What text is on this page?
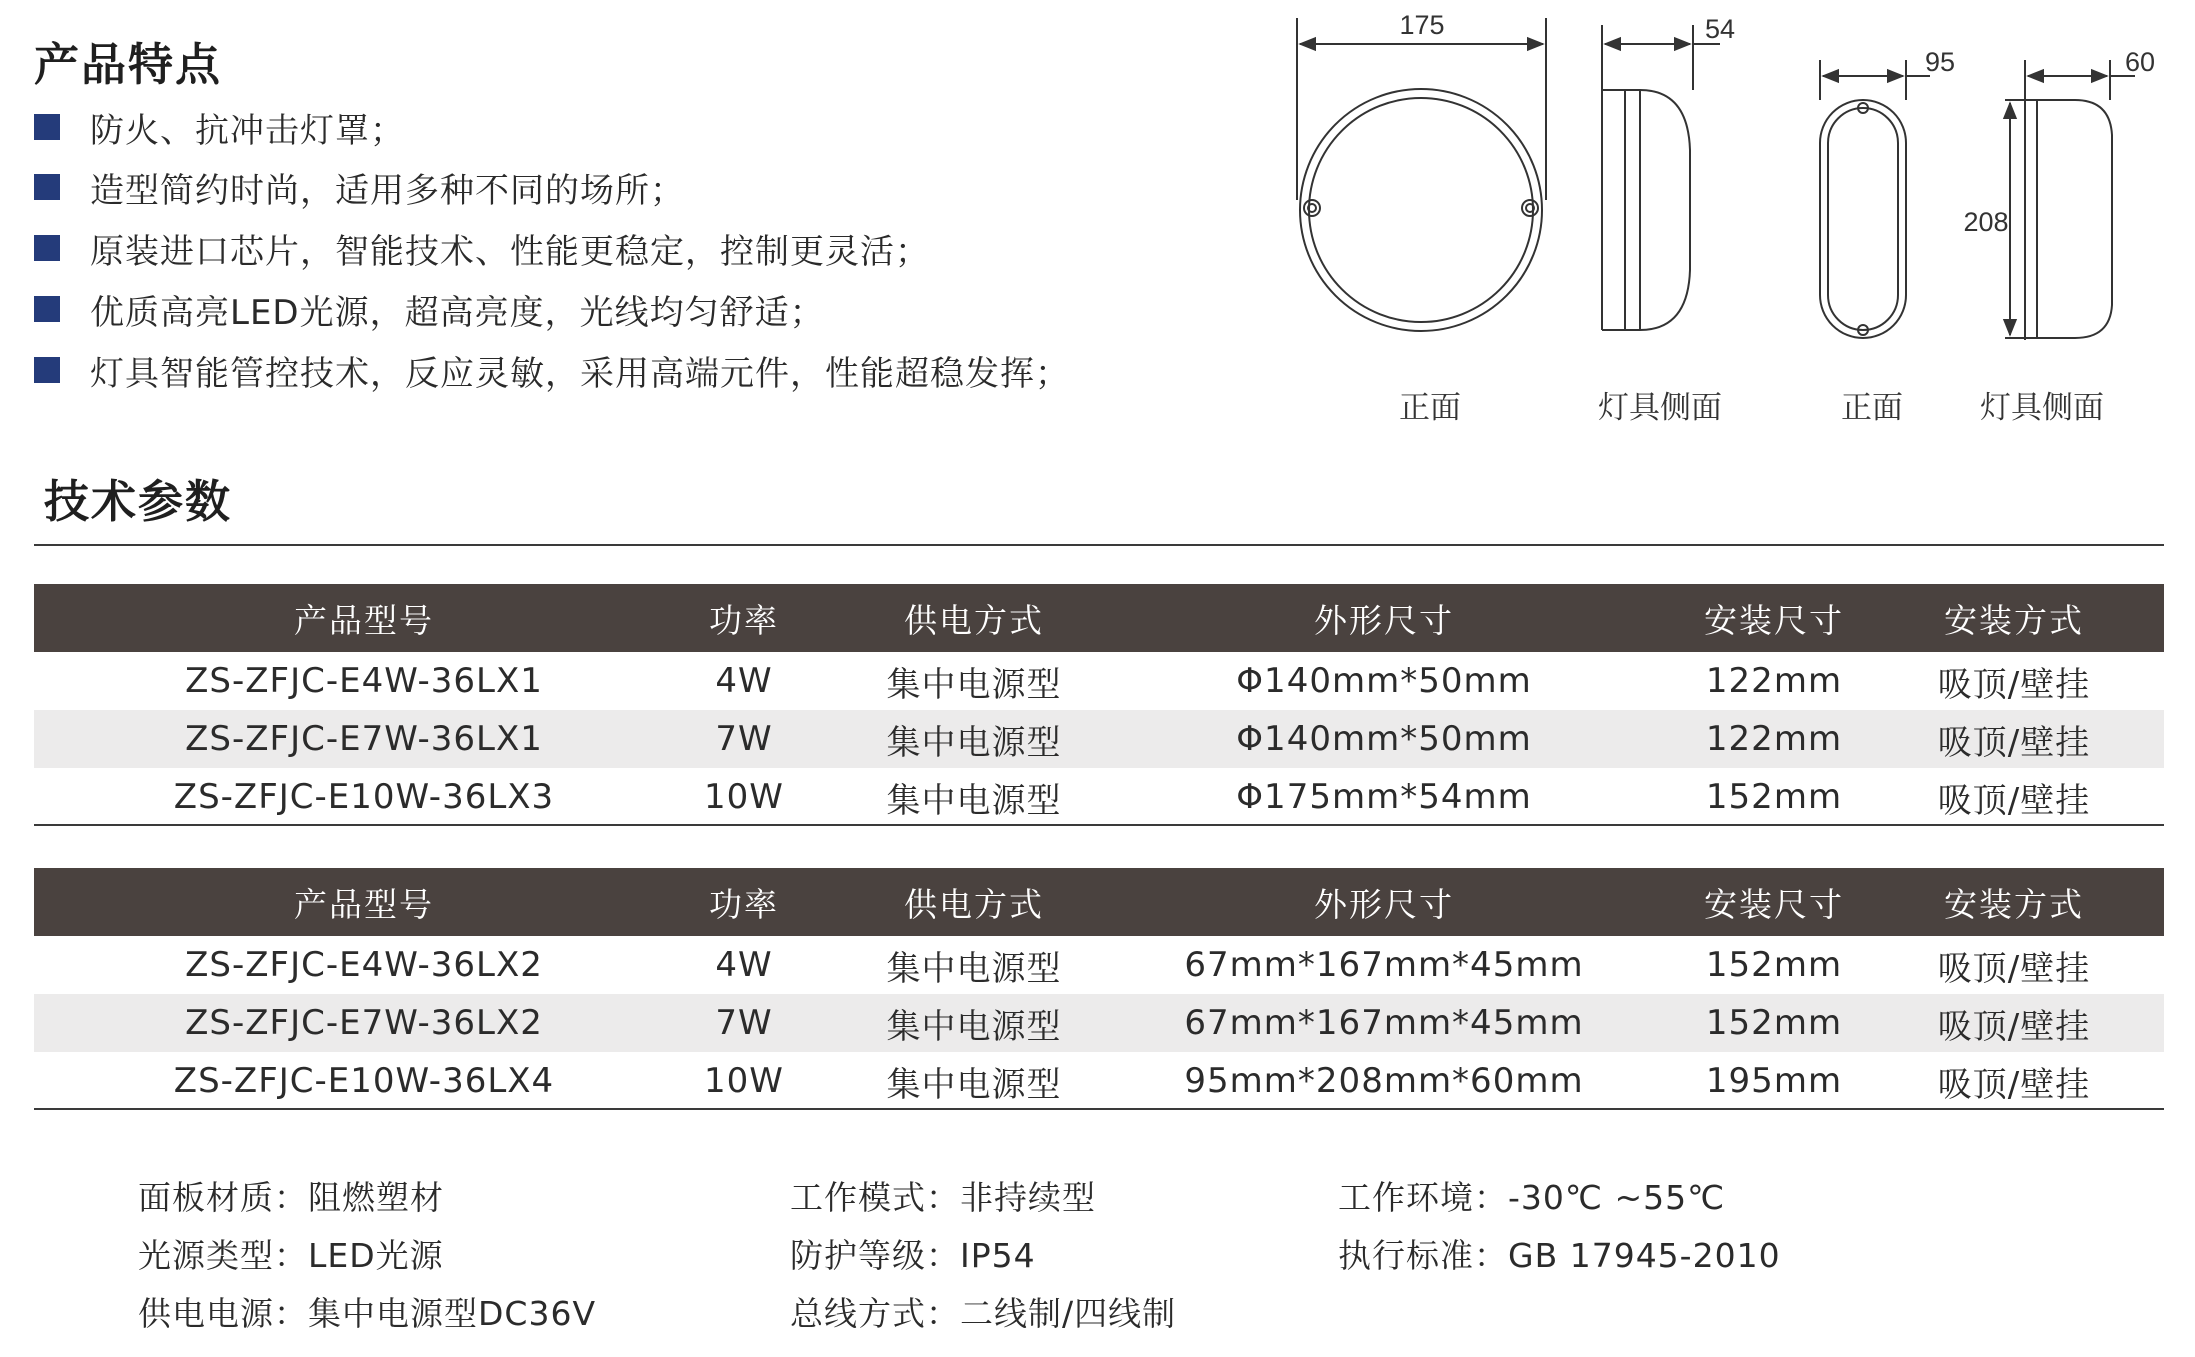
产品特点
防火、抗冲击灯罩；
造型简约时尚，适用多种不同的场所；
原装进口芯片，智能技术、性能更稳定，控制更灵活；
优质高亮LED光源，超高亮度，光线均匀舒适；
灯具智能管控技术，反应灵敏，采用高端元件，性能超稳发挥；
175	54
95
208
60
正面	灯具侧面	正面	灯具侧面
技术参数
产品型号	功率	供电方式	外形尺寸	安装尺寸	安装方式
ZS-ZFJC-E4W-36LX1	4W	集中电源型	Φ140mm*50mm	122mm	吸顶/壁挂
ZS-ZFJC-E7W-36LX1	7W	集中电源型	Φ140mm*50mm	122mm	吸顶/壁挂
ZS-ZFJC-E10W-36LX3	10W	集中电源型	Φ175mm*54mm	152mm	吸顶/壁挂
产品型号	功率	供电方式	外形尺寸	安装尺寸	安装方式
ZS-ZFJC-E4W-36LX2	4W	集中电源型	67mm*167mm*45mm	152mm	吸顶/壁挂
ZS-ZFJC-E7W-36LX2	7W	集中电源型	67mm*167mm*45mm	152mm	吸顶/壁挂
ZS-ZFJC-E10W-36LX4	10W	集中电源型	95mm*208mm*60mm	195mm	吸顶/壁挂
面板材质：阻燃塑材	工作模式：非持续型	工作环境：-30℃ ~55℃
光源类型：LED光源	防护等级：IP54	执行标准：GB 17945-2010
供电电源：集中电源型DC36V	总线方式：二线制/四线制
